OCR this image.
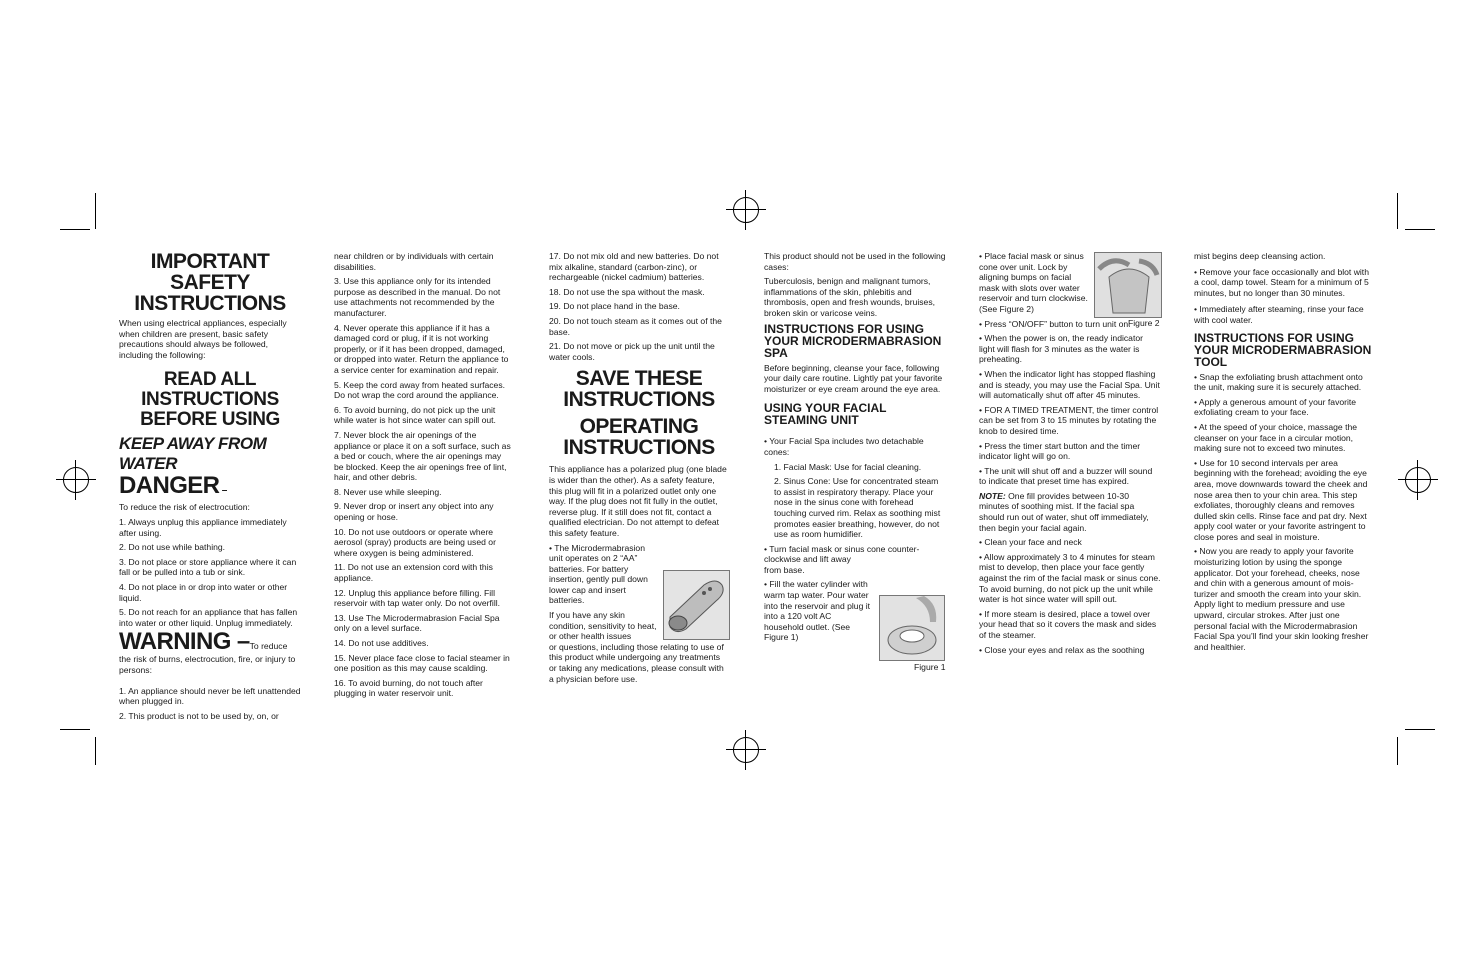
IMPORTANT SAFETY INSTRUCTIONS

When using electrical appliances, especially when children are present, basic safety precautions should always be followed, including the following:

READ ALL INSTRUCTIONS BEFORE USING
KEEP AWAY FROM WATER
DANGER –

To reduce the risk of electrocution:

1. Always unplug this appliance immediately after using.

2. Do not use while bathing.

3. Do not place or store appliance where it can fall or be pulled into a tub or sink.

4. Do not place in or drop into water or other liquid.

5. Do not reach for an appliance that has fallen into water or other liquid. Unplug immediately.

WARNING –To reduce the risk of burns, electrocution, fire, or injury to persons:

1. An appliance should never be left unattended when plugged in.

2. This product is not to be used by, on, or

near children or by individuals with certain disabilities.

3. Use this appliance only for its intended purpose as described in the manual. Do not use attachments not recommended by the manufacturer.

4. Never operate this appliance if it has a damaged cord or plug, if it is not working properly, or if it has been dropped, damaged, or dropped into water. Return the appliance to a service center for examination and repair.

5. Keep the cord away from heated surfaces. Do not wrap the cord around the appliance.

6. To avoid burning, do not pick up the unit while water is hot since water can spill out.

7. Never block the air openings of the appliance or place it on a soft surface, such as a bed or couch, where the air openings may be blocked. Keep the air openings free of lint, hair, and other debris.

8. Never use while sleeping.

9. Never drop or insert any object into any opening or hose.

10. Do not use outdoors or operate where aerosol (spray) products are being used or where oxygen is being administered.

11. Do not use an extension cord with this appliance.

12. Unplug this appliance before filling. Fill reservoir with tap water only. Do not overfill.

13. Use The Microdermabrasion Facial Spa only on a level surface.

14. Do not use additives.

15. Never place face close to facial steamer in one position as this may cause scalding.

16. To avoid burning, do not touch after plugging in water reservoir unit.

17. Do not mix old and new batteries. Do not mix alkaline, standard (carbon-zinc), or rechargeable (nickel cadmium) batteries.

18. Do not use the spa without the mask.

19. Do not place hand in the base.

20. Do not touch steam as it comes out of the base.

21. Do not move or pick up the unit until the water cools.

SAVE THESE INSTRUCTIONS
OPERATING INSTRUCTIONS

This appliance has a polarized plug (one blade is wider than the other). As a safety feature, this plug will fit in a polarized outlet only one way. If the plug does not fit fully in the outlet, reverse plug. If it still does not fit, contact a qualified electrician. Do not attempt to defeat this safety feature.

• The Microdermabrasion unit operates on 2 “AA” batteries. For battery insertion, gently pull down lower cap and insert batteries.

If you have any skin condition, sensitivity to heat, or other health issues

or questions, including those relating to use of this product while undergoing any treatments or taking any medications, please consult with a physician before use.

This product should not be used in the following cases:

Tuberculosis, benign and malignant tumors, inflammations of the skin, phlebitis and thrombosis, open and fresh wounds, bruises, broken skin or varicose veins.

INSTRUCTIONS FOR USING YOUR MICRODERMABRASION SPA

Before beginning, cleanse your face, following your daily care routine. Lightly pat your favorite moisturizer or eye cream around the eye area.

USING YOUR FACIAL STEAMING UNIT

• Your Facial Spa includes two detachable cones:

1. Facial Mask: Use for facial cleaning.

2. Sinus Cone: Use for concentrated steam to assist in respiratory therapy. Place your nose in the sinus cone with forehead touching curved rim. Relax as soothing mist promotes easier breathing, however, do not use as room humidifier.

• Turn facial mask or sinus cone counter-clockwise and lift away

from base.

• Fill the water cylinder with warm tap water. Pour water into the reservoir and plug it into a 120 volt AC household outlet. (See Figure 1)

Figure 1

• Place facial mask or sinus cone over unit. Lock by aligning bumps on facial mask with slots over water reservoir and turn clockwise. (See Figure 2)

• Press “ON/OFF” button to turn unit on.

• When the power is on, the ready indicator light will flash for 3 minutes as the water is preheating.

• When the indicator light has stopped flashing and is steady, you may use the Facial Spa. Unit will automatically shut off after 45 minutes.

• FOR A TIMED TREATMENT, the timer control can be set from 3 to 15 minutes by rotating the knob to desired time.

• Press the timer start button and the timer indicator light will go on.

• The unit will shut off and a buzzer will sound to indicate that preset time has expired.

NOTE: One fill provides between 10-30 minutes of soothing mist. If the facial spa should run out of water, shut off immediately, then begin your facial again.

• Clean your face and neck

• Allow approximately 3 to 4 minutes for steam mist to develop, then place your face gently against the rim of the facial mask or sinus cone. To avoid burning, do not pick up the unit while water is hot since water will spill out.

• If more steam is desired, place a towel over your head that so it covers the mask and sides of the steamer.

• Close your eyes and relax as the soothing

Figure 2

mist begins deep cleansing action.

• Remove your face occasionally and blot with a cool, damp towel. Steam for a minimum of 5 minutes, but no longer than 30 minutes.

• Immediately after steaming, rinse your face with cool water.

INSTRUCTIONS FOR USING YOUR MICRODERMABRASION TOOL

• Snap the exfoliating brush attachment onto the unit, making sure it is securely attached.

• Apply a generous amount of your favorite exfoliating cream to your face.

• At the speed of your choice, massage the cleanser on your face in a circular motion, making sure not to exceed two minutes.

• Use for 10 second intervals per area beginning with the forehead; avoiding the eye area, move downwards toward the cheek and nose area then to your chin area. This step exfoliates, thoroughly cleans and removes dulled skin cells. Rinse face and pat dry. Next apply cool water or your favorite astringent to close pores and seal in moisture.

• Now you are ready to apply your favorite moisturizing lotion by using the sponge applicator. Dot your forehead, cheeks, nose and chin with a generous amount of mois-turizer and smooth the cream into your skin. Apply light to medium pressure and use upward, circular strokes. After just one personal facial with the Microdermabrasion Facial Spa you’ll find your skin looking fresher and healthier.
